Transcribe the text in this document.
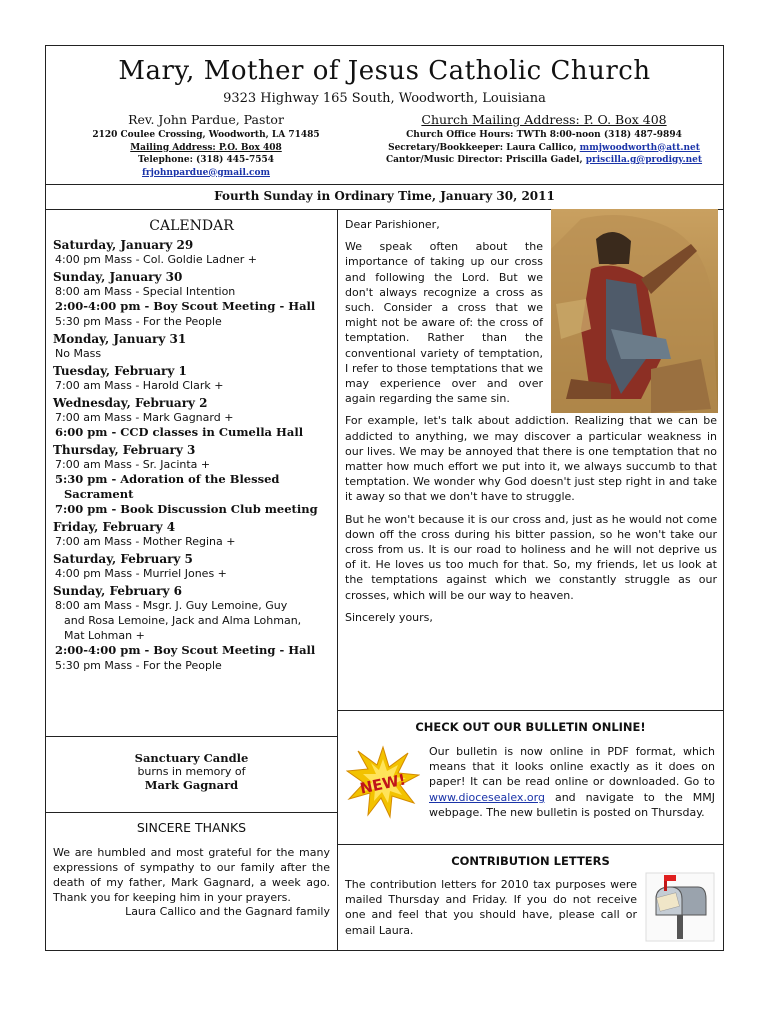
Mary, Mother of Jesus Catholic Church
9323 Highway 165 South, Woodworth, Louisiana
Rev. John Pardue, Pastor
2120 Coulee Crossing, Woodworth, LA 71485
Mailing Address: P.O. Box 408
Telephone: (318) 445-7554
frjohnpardue@gmail.com
Church Mailing Address: P. O. Box 408
Church Office Hours: TWTh 8:00-noon (318) 487-9894
Secretary/Bookkeeper: Laura Callico, mmjwoodworth@att.net
Cantor/Music Director: Priscilla Gadel, priscilla.g@prodigy.net
Fourth Sunday in Ordinary Time, January 30, 2011
CALENDAR
Saturday, January 29
4:00 pm Mass - Col. Goldie Ladner +
Sunday, January 30
8:00 am Mass - Special Intention
2:00-4:00 pm - Boy Scout Meeting - Hall
5:30 pm Mass - For the People
Monday, January 31
No Mass
Tuesday, February 1
7:00 am Mass - Harold Clark +
Wednesday, February 2
7:00 am Mass - Mark Gagnard +
6:00 pm - CCD classes in Cumella Hall
Thursday, February 3
7:00 am Mass - Sr. Jacinta +
5:30 pm - Adoration of the Blessed
Sacrament
7:00 pm - Book Discussion Club meeting
Friday, February 4
7:00 am Mass - Mother Regina +
Saturday, February 5
4:00 pm Mass - Murriel Jones +
Sunday, February 6
8:00 am Mass - Msgr. J. Guy Lemoine, Guy
and Rosa Lemoine, Jack and Alma Lohman,
Mat Lohman +
2:00-4:00 pm - Boy Scout Meeting - Hall
5:30 pm Mass - For the People
Sanctuary Candle
burns in memory of
Mark Gagnard
SINCERE THANKS
We are humbled and most grateful for the many expressions of sympathy to our family after the death of my father, Mark Gagnard, a week ago. Thank you for keeping him in your prayers.
Laura Callico and the Gagnard family

Dear Parishioner,

We speak often about the importance of taking up our cross and following the Lord. But we don't always recognize a cross as such. Consider a cross that we might not be aware of: the cross of temptation. Rather than the conventional variety of temptation, I refer to those temptations that we may experience over and over again regarding the same sin.

For example, let's talk about addiction. Realizing that we can be addicted to anything, we may discover a particular weakness in our lives. We may be annoyed that there is one temptation that no matter how much effort we put into it, we always succumb to that temptation. We wonder why God doesn't just step right in and take it away so that we don't have to struggle.

But he won't because it is our cross and, just as he would not come down off the cross during his bitter passion, so he won't take our cross from us. It is our road to holiness and he will not deprive us of it. He loves us too much for that. So, my friends, let us look at the temptations against which we constantly struggle as our crosses, which will be our way to heaven.

Sincerely yours,

CHECK OUT OUR BULLETIN ONLINE!
NEW!
Our bulletin is now online in PDF format, which means that it looks online exactly as it does on paper! It can be read online or downloaded. Go to www.diocesealex.org and navigate to the MMJ webpage. The new bulletin is posted on Thursday.
CONTRIBUTION LETTERS
The contribution letters for 2010 tax purposes were mailed Thursday and Friday. If you do not receive one and feel that you should have, please call or email Laura.
